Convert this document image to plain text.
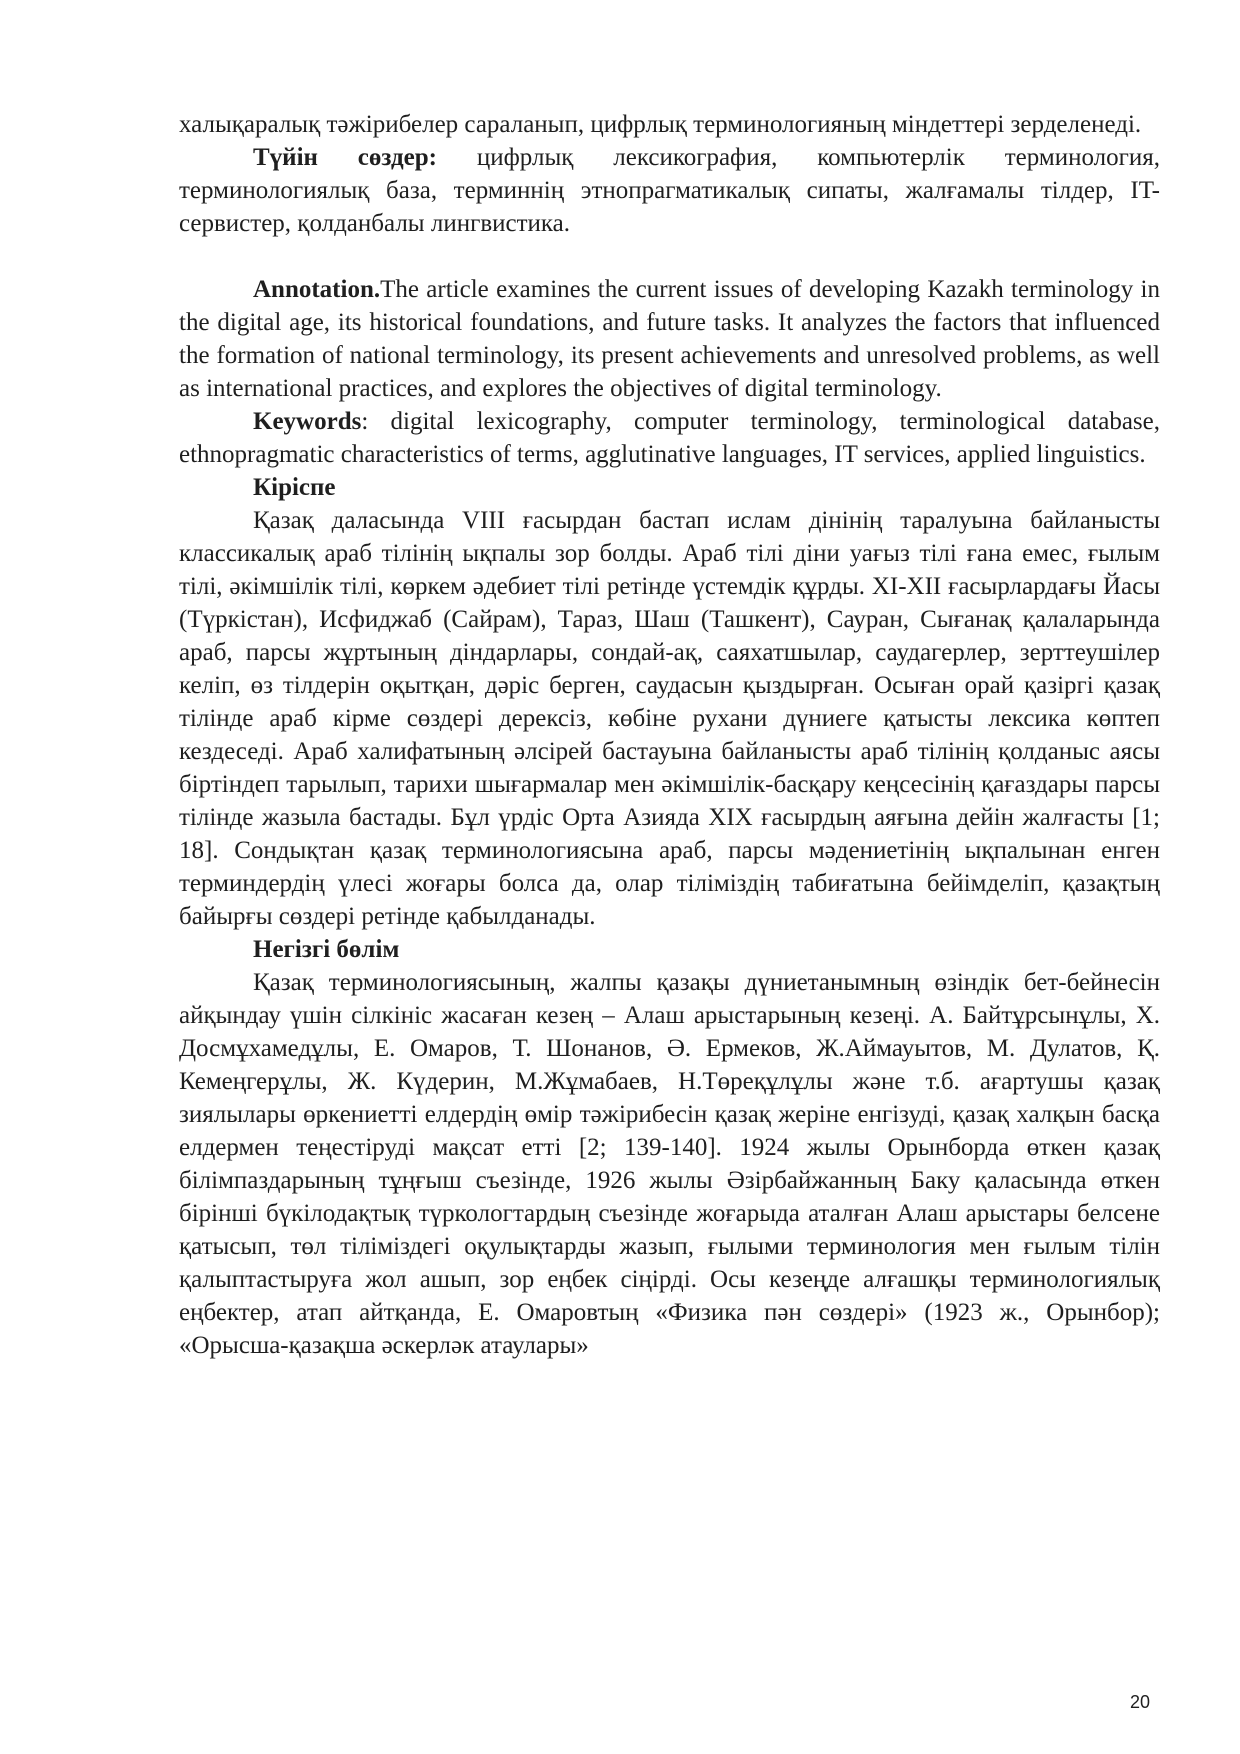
халықаралық тәжірибелер сараланып, цифрлық терминологияның міндеттері зерделенеді.

Түйін сөздер: цифрлық лексикография, компьютерлік терминология, терминологиялық база, терминнің этнопрагматикалық сипаты, жалғамалы тілдер, IT-сервистер, қолданбалы лингвистика.

Annotation.The article examines the current issues of developing Kazakh terminology in the digital age, its historical foundations, and future tasks. It analyzes the factors that influenced the formation of national terminology, its present achievements and unresolved problems, as well as international practices, and explores the objectives of digital terminology.

Keywords: digital lexicography, computer terminology, terminological database, ethnopragmatic characteristics of terms, agglutinative languages, IT services, applied linguistics.

Кіріспе

Қазақ даласында VIII ғасырдан бастап ислам дінінің таралуына байланысты классикалық араб тілінің ықпалы зор болды. Араб тілі діни уағыз тілі ғана емес, ғылым тілі, әкімшілік тілі, көркем әдебиет тілі ретінде үстемдік құрды. XI-XII ғасырлардағы Йасы (Түркістан), Исфиджаб (Сайрам), Тараз, Шаш (Ташкент), Сауран, Сығанақ қалаларында араб, парсы жұртының діндарлары, сондай-ақ, саяхатшылар, саудагерлер, зерттеушілер келіп, өз тілдерін оқытқан, дәріс берген, саудасын қыздырған. Осыған орай қазіргі қазақ тілінде араб кірме сөздері дерексіз, көбіне рухани дүниеге қатысты лексика көптеп кездеседі. Араб халифатының әлсірей бастауына байланысты араб тілінің қолданыс аясы біртіндеп тарылып, тарихи шығармалар мен әкімшілік-басқару кеңсесінің қағаздары парсы тілінде жазыла бастады. Бұл үрдіс Орта Азияда XIX ғасырдың аяғына дейін жалғасты [1; 18]. Сондықтан қазақ терминологиясына араб, парсы мәдениетінің ықпалынан енген терминдердің үлесі жоғары болса да, олар тіліміздің табиғатына бейімделіп, қазақтың байырғы сөздері ретінде қабылданады.

Негізгі бөлім

Қазақ терминологиясының, жалпы қазақы дүниетанымның өзіндік бет-бейнесін айқындау үшін сілкініс жасаған кезең – Алаш арыстарының кезеңі. А. Байтұрсынұлы, Х. Досмұхамедұлы, Е. Омаров, Т. Шонанов, Ә. Ермеков, Ж.Аймауытов, М. Дулатов, Қ. Кемеңгерұлы, Ж. Күдерин, М.Жұмабаев, Н.Төреқұлұлы және т.б. ағартушы қазақ зиялылары өркениетті елдердің өмір тәжірибесін қазақ жеріне енгізуді, қазақ халқын басқа елдермен теңестіруді мақсат етті [2; 139-140]. 1924 жылы Орынборда өткен қазақ білімпаздарының тұңғыш съезінде, 1926 жылы Әзірбайжанның Баку қаласында өткен бірінші бүкілодақтық түркологтардың съезінде жоғарыда аталған Алаш арыстары белсене қатысып, төл тіліміздегі оқулықтарды жазып, ғылыми терминология мен ғылым тілін қалыптастыруға жол ашып, зор еңбек сіңірді. Осы кезеңде алғашқы терминологиялық еңбектер, атап айтқанда, Е. Омаровтың «Физика пән сөздері» (1923 ж., Орынбор); «Орысша-қазақша әскерләк атаулары»

20
